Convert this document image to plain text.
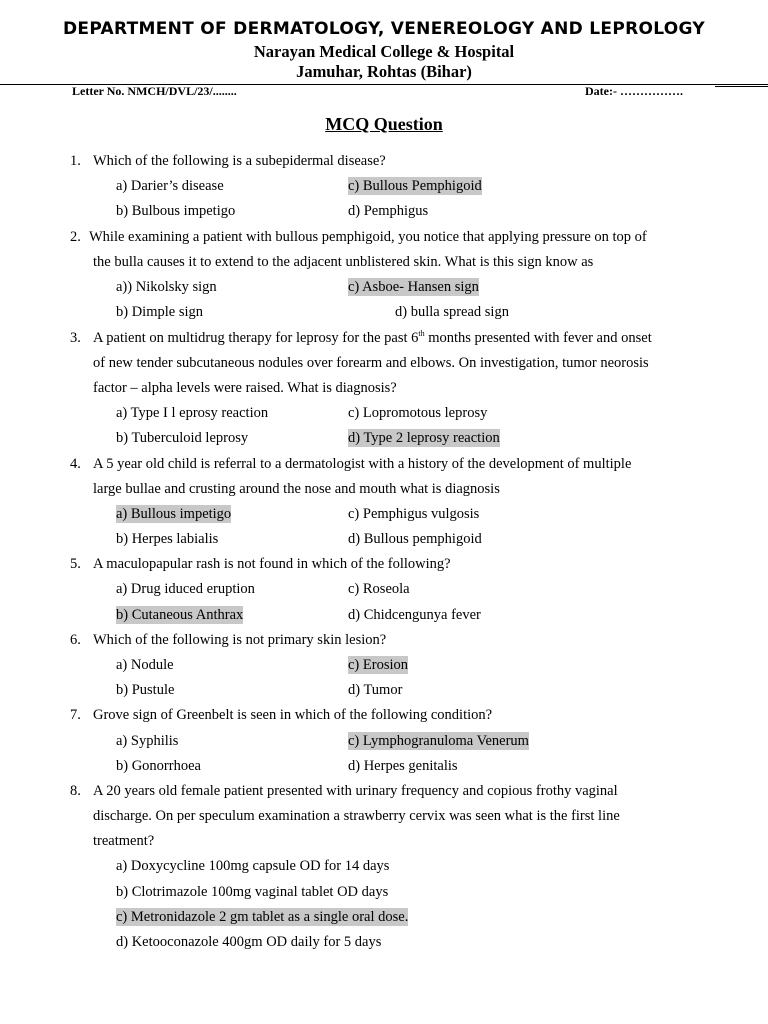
DEPARTMENT OF DERMATOLOGY, VENEREOLOGY AND LEPROLOGY
Narayan Medical College & Hospital
Jamuhar, Rohtas (Bihar)
Letter No. NMCH/DVL/23/........	Date:- …………….
MCQ Question
1. Which of the following is a subepidermal disease?
a) Darier’s disease	c) Bullous Pemphigoid
b) Bulbous impetigo	d) Pemphigus
2. While examining a patient with bullous pemphigoid, you notice that applying pressure on top of
the bulla causes it to extend to the adjacent unblistered skin. What is this sign know as
a)) Nikolsky sign	c) Asboe- Hansen sign
b) Dimple sign	d) bulla spread sign
3. A patient on multidrug therapy for leprosy for the past 6th months presented with fever and onset
of new tender subcutaneous nodules over forearm and elbows. On investigation, tumor neorosis
factor – alpha levels were raised. What is diagnosis?
a) Type I l eprosy reaction	c) Lopromotous leprosy
b) Tuberculoid leprosy	d) Type 2 leprosy reaction
4. A 5 year old child is referral to a dermatologist with a history of the development of multiple
large bullae and crusting around the nose and mouth what is diagnosis
a) Bullous impetigo	c) Pemphigus vulgosis
b) Herpes labialis	d) Bullous pemphigoid
5. A maculopapular rash is not found in which of the following?
a) Drug iduced eruption	c) Roseola
b) Cutaneous Anthrax	d) Chidcengunya fever
6. Which of the following is not primary skin lesion?
a) Nodule	c) Erosion
b) Pustule	d) Tumor
7. Grove sign of Greenbelt is seen in which of the following condition?
a) Syphilis	c) Lymphogranuloma Venerum
b) Gonorrhoea	d) Herpes genitalis
8. A 20 years old female patient presented with urinary frequency and copious frothy vaginal
discharge. On per speculum examination a strawberry cervix was seen what is the first line
treatment?
a) Doxycycline 100mg capsule OD for 14 days
b) Clotrimazole 100mg vaginal tablet OD days
c) Metronidazole 2 gm tablet as a single oral dose.
d) Ketooconazole 400gm OD daily for 5 days
